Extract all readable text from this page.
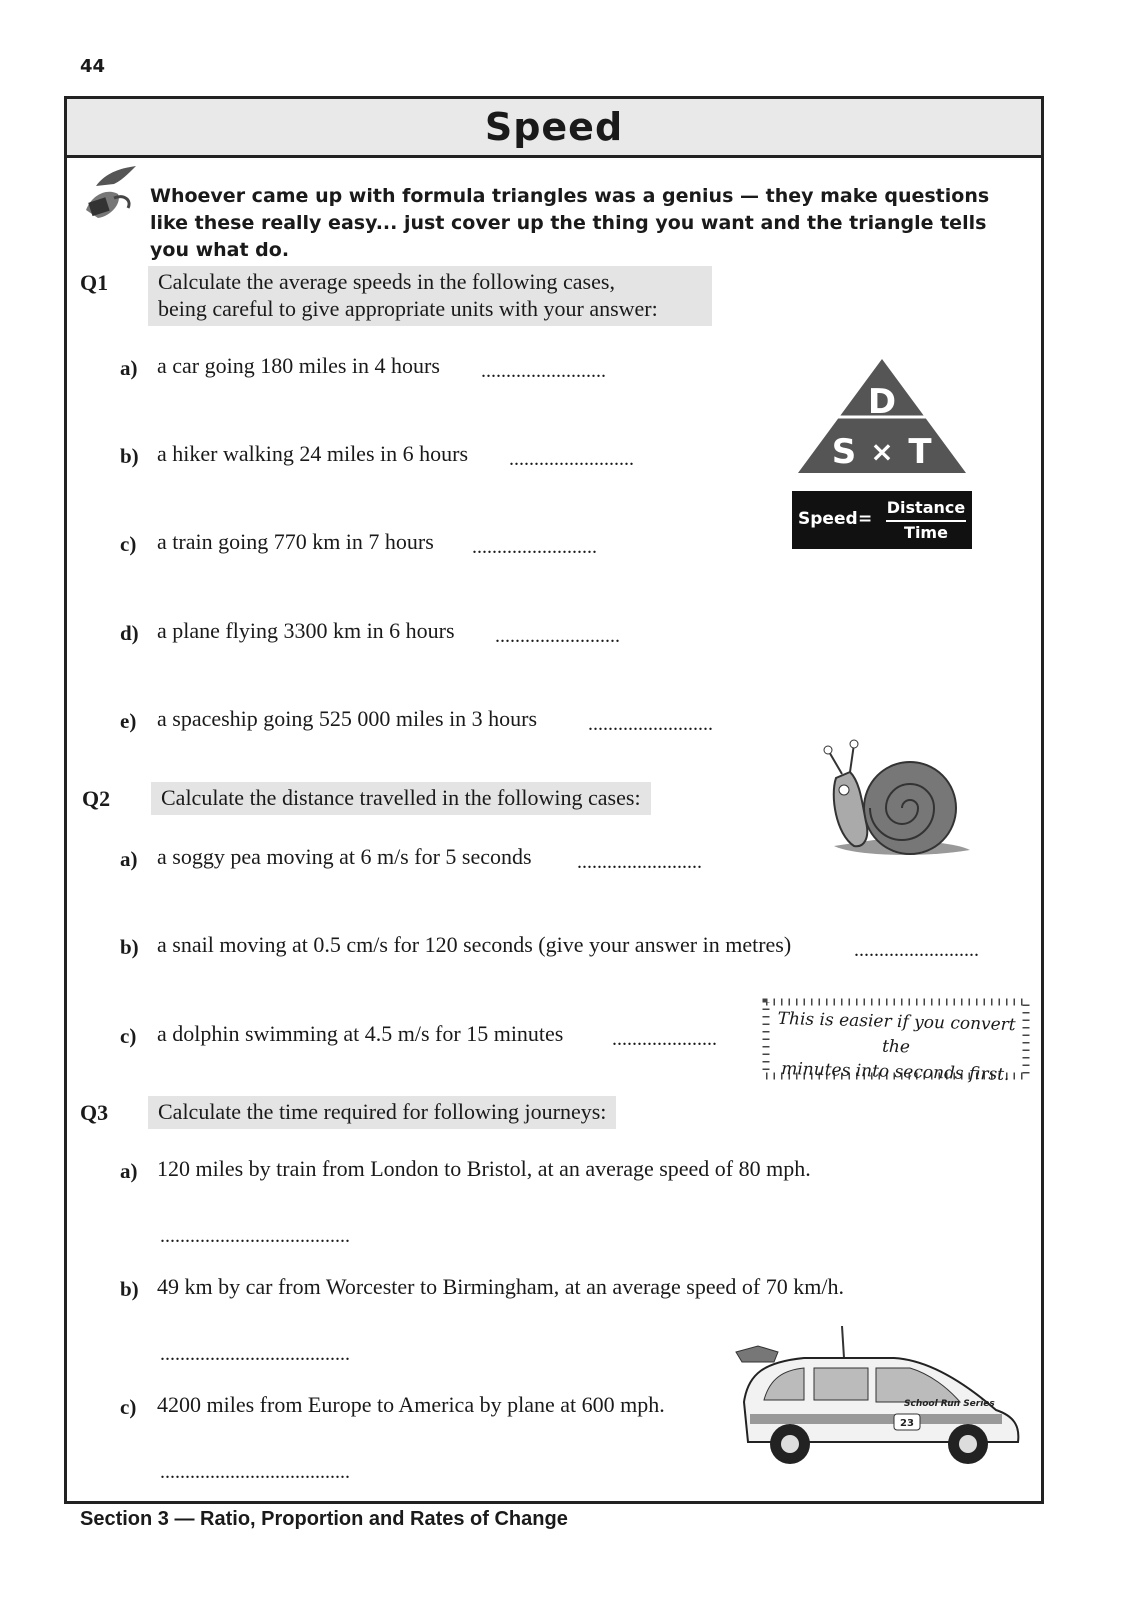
44
Speed
Whoever came up with formula triangles was a genius — they make questions like these really easy... just cover up the thing you want and the triangle tells you what do.
Q1 Calculate the average speeds in the following cases,
being careful to give appropriate units with your answer:
a) a car going 180 miles in 4 hours .........................
b) a hiker walking 24 miles in 6 hours .........................
c) a train going 770 km in 7 hours .........................
d) a plane flying 3300 km in 6 hours .........................
e) a spaceship going 525 000 miles in 3 hours	.........................
D
S × T
Speed =
Distance
Time
Q2	Calculate the distance travelled in the following cases:
a) a soggy pea moving at 6 m/s for 5 seconds .........................
b) a snail moving at 0.5 cm/s for 120 seconds (give your answer in metres)	.........................
c) a dolphin swimming at 4.5 m/s for 15 minutes .....................
This is easier if you convert the
minutes into seconds first.
Q3	Calculate the time required for following journeys:
a) 120 miles by train from London to Bristol, at an average speed of 80 mph.
......................................
b) 49 km by car from Worcester to Birmingham, at an average speed of 70 km/h.
......................................
c) 4200 miles from Europe to America by plane at 600 mph.
......................................
School Run Series
23
Section 3 — Ratio, Proportion and Rates of Change
